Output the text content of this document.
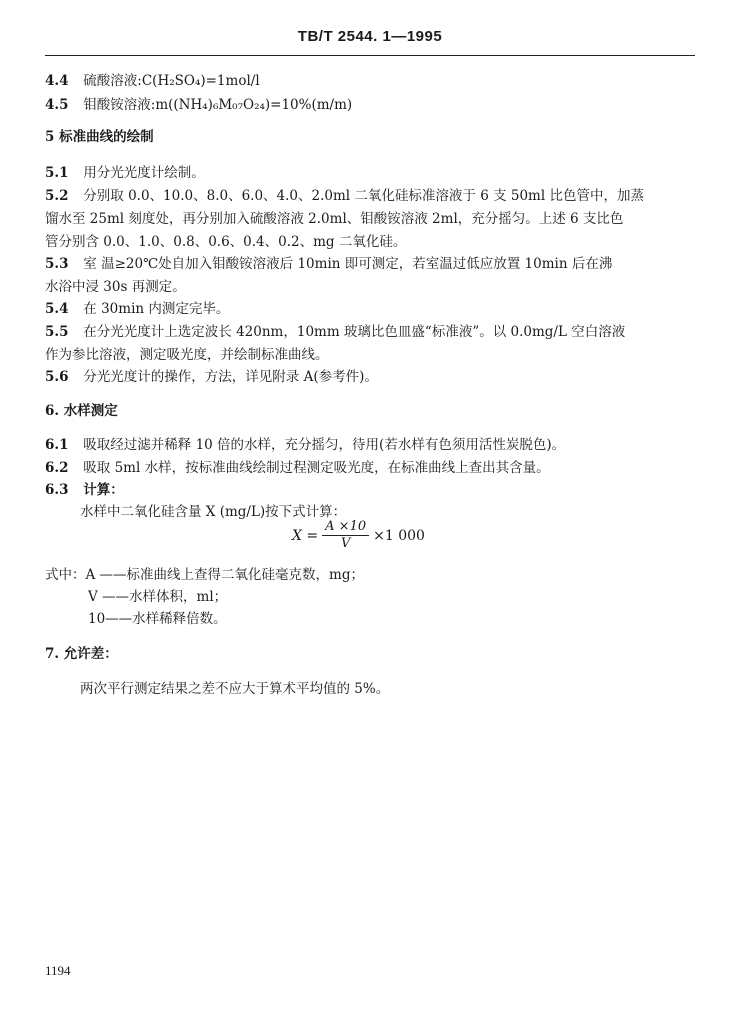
TB/T 2544. 1—1995
4.4 硫酸溶液:C(H₂SO₄)=1mol/l
4.5 钼酸铵溶液:m((NH₄)₆M₀₇O₂₄)=10%(m/m)
5 标准曲线的绘制
5.1 用分光光度计绘制。
5.2 分别取 0.0、10.0、8.0、6.0、4.0、2.0ml 二氧化硅标准溶液于 6 支 50ml 比色管中，加蒸
馏水至 25ml 刻度处，再分别加入硫酸溶液 2.0ml、钼酸铵溶液 2ml，充分摇匀。上述 6 支比色
管分别含 0.0、1.0、0.8、0.6、0.4、0.2、mg 二氧化硅。
5.3 室 温≥20℃处自加入钼酸铵溶液后 10min 即可测定，若室温过低应放置 10min 后在沸
水浴中浸 30s 再测定。
5.4 在 30min 内测定完毕。
5.5 在分光光度计上选定波长 420nm，10mm 玻璃比色皿盛“标准液”。以 0.0mg/L 空白溶液
作为参比溶液，测定吸光度，并绘制标准曲线。
5.6 分光光度计的操作，方法，详见附录 A(参考件)。
6. 水样测定
6.1 吸取经过滤并稀释 10 倍的水样，充分摇匀，待用(若水样有色须用活性炭脱色)。
6.2 吸取 5ml 水样，按标准曲线绘制过程测定吸光度，在标准曲线上查出其含量。
6.3 计算：
水样中二氧化硅含量 X (mg/L)按下式计算：
$X = \frac{A \times 10}{V} \times 1$ 000
式中：A ——标准曲线上查得二氧化硅毫克数，mg；
V ——水样体积，ml；
10——水样稀释倍数。
7. 允许差：
两次平行测定结果之差不应大于算术平均值的 5%。
1194
